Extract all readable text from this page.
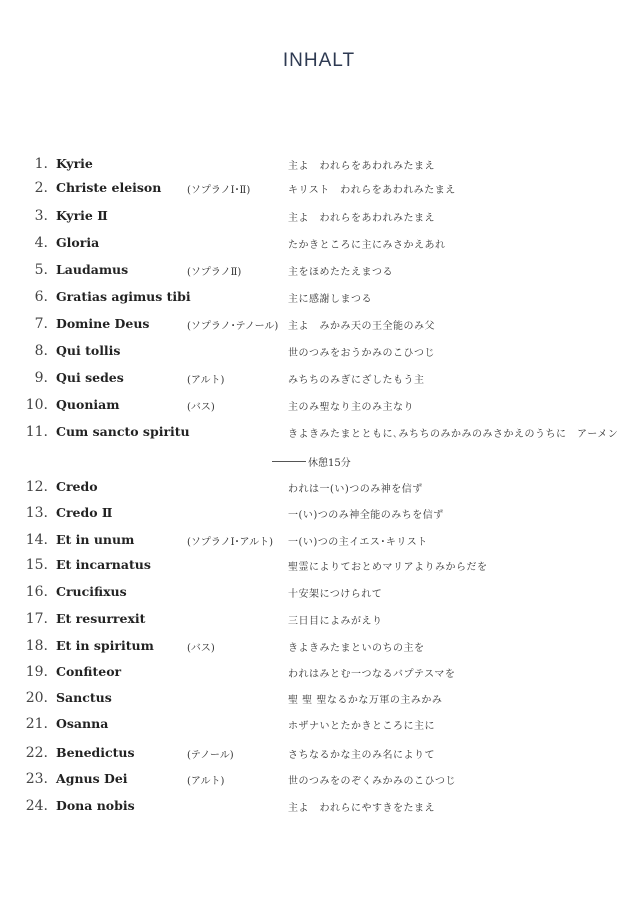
INHALT
1. Kyrie	主よ　われらをあわれみたまえ
2. Christe eleison	(ソプラノⅠ･Ⅱ)	キリスト　われらをあわれみたまえ
3. Kyrie Ⅱ	主よ　われらをあわれみたまえ
4. Gloria	たかきところに主にみさかえあれ
5. Laudamus	(ソプラノⅡ)	主をほめたたえまつる
6. Gratias agimus tibi	主に感謝しまつる
7. Domine Deus	(ソプラノ･テノール) 主よ　みかみ天の王全能のみ父
8. Qui tollis	世のつみをおうかみのこひつじ
9. Qui sedes	(アルト)	みちちのみぎにざしたもう主
10. Quoniam	(バス)	主のみ聖なり主のみ主なり
11. Cum sancto spiritu	きよきみたまとともに､みちちのみかみのみさかえのうちに　アーメン
休憩15分
12. Credo	われは一(い)つのみ神を信ず
13. Credo Ⅱ	一(い)つのみ神全能のみちを信ず
14. Et in unum	(ソプラノⅠ･アルト) 一(い)つの主イエス･キリスト
15. Et incarnatus	聖霊によりておとめマリアよりみからだを
16. Crucifixus	十安架につけられて
17. Et resurrexit	三日目によみがえり
18. Et in spiritum	(バス)	きよきみたまといのちの主を
19. Confiteor	われはみとむ一つなるバプテスマを
20. Sanctus	聖 聖 聖なるかな万軍の主みかみ
21. Osanna	ホザナいとたかきところに主に
22. Benedictus	(テノール)	さちなるかな主のみ名によりて
23. Agnus Dei	(アルト)	世のつみをのぞくみかみのこひつじ
24. Dona nobis	主よ　われらにやすきをたまえ
